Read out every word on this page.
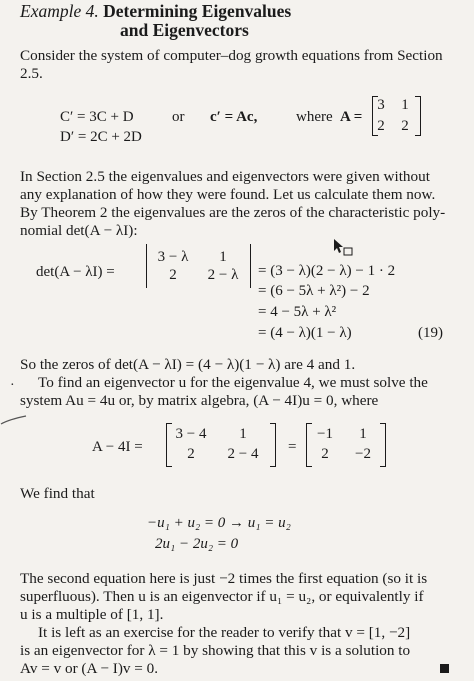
Example 4. Determining Eigenvalues
and Eigenvectors
Consider the system of computer–dog growth equations from Section
2.5.
C′ = 3C + D
D′ = 2C + 2D
or c′ = Ac,	where A =
3	1
2	2
In Section 2.5 the eigenvalues and eigenvectors were given without
any explanation of how they were found. Let us calculate them now.
By Theorem 2 the eigenvalues are the zeros of the characteristic poly-
nomial det(A − λI):
det(A − λI) =
3 − λ	1
2	2 − λ	= (3 − λ)(2 − λ) − 1 · 2
= (6 − 5λ + λ²) − 2
= 4 − 5λ + λ²
= (4 − λ)(1 − λ)	(19)
So the zeros of det(A − λI) = (4 − λ)(1 − λ) are 4 and 1.
To find an eigenvector u for the eigenvalue 4, we must solve the
system Au = 4u or, by matrix algebra, (A − 4I)u = 0, where
·
A − 4I =
3 − 4	1
2	2 − 4	=
−1	1
2	−2
We find that
−u₁ + u₂ = 0 → u₁ = u₂
2u₁ − 2u₂ = 0
The second equation here is just −2 times the first equation (so it is
superfluous). Then u is an eigenvector if u₁ = u₂, or equivalently if
u is a multiple of [1, 1].
It is left as an exercise for the reader to verify that v = [1, −2]
is an eigenvector for λ = 1 by showing that this v is a solution to
Av = v or (A − I)v = 0.
